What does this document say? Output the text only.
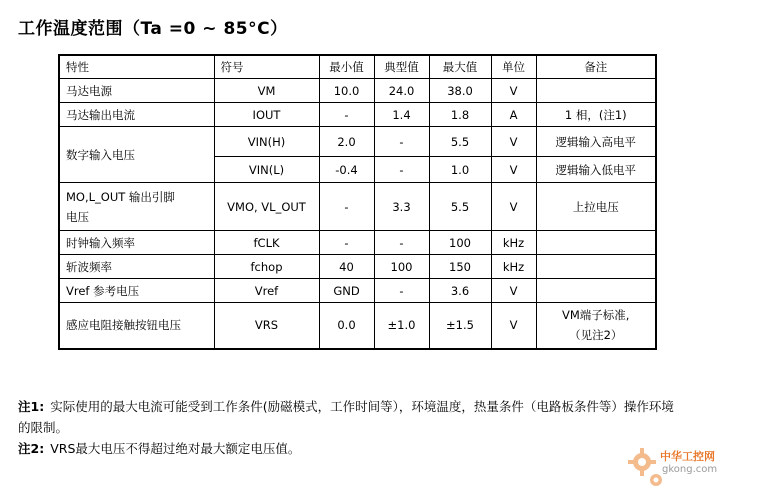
工作温度范围（Ta =0 ~ 85°C）
特性	符号	最小值	典型值	最大值	单位	备注
马达电源	VM	10.0	24.0	38.0	V	
马达输出电流	IOUT	-	1.4	1.8	A	1 相，(注1)
数字输入电压	VIN(H)	2.0	-	5.5	V	逻辑输入高电平
	VIN(L)	-0.4	-	1.0	V	逻辑输入低电平

MO,L_OUT 输出引脚
电压	VMO, VL_OUT	-	3.3	5.5	V	上拉电压
时钟输入频率	fCLK	-	-	100	kHz	
斩波频率	fchop	40	100	150	kHz	
Vref 参考电压	Vref	GND	-	3.6	V	
感应电阻接触按钮电压	VRS	0.0	±1.0	±1.5	V	VM端子标准,
（见注2）
注1: 实际使用的最大电流可能受到工作条件(励磁模式，工作时间等），环境温度，热量条件（电路板条件等）操作环境
的限制。
注2: VRS最大电压不得超过绝对最大额定电压值。
中华工控网
gkong.com
